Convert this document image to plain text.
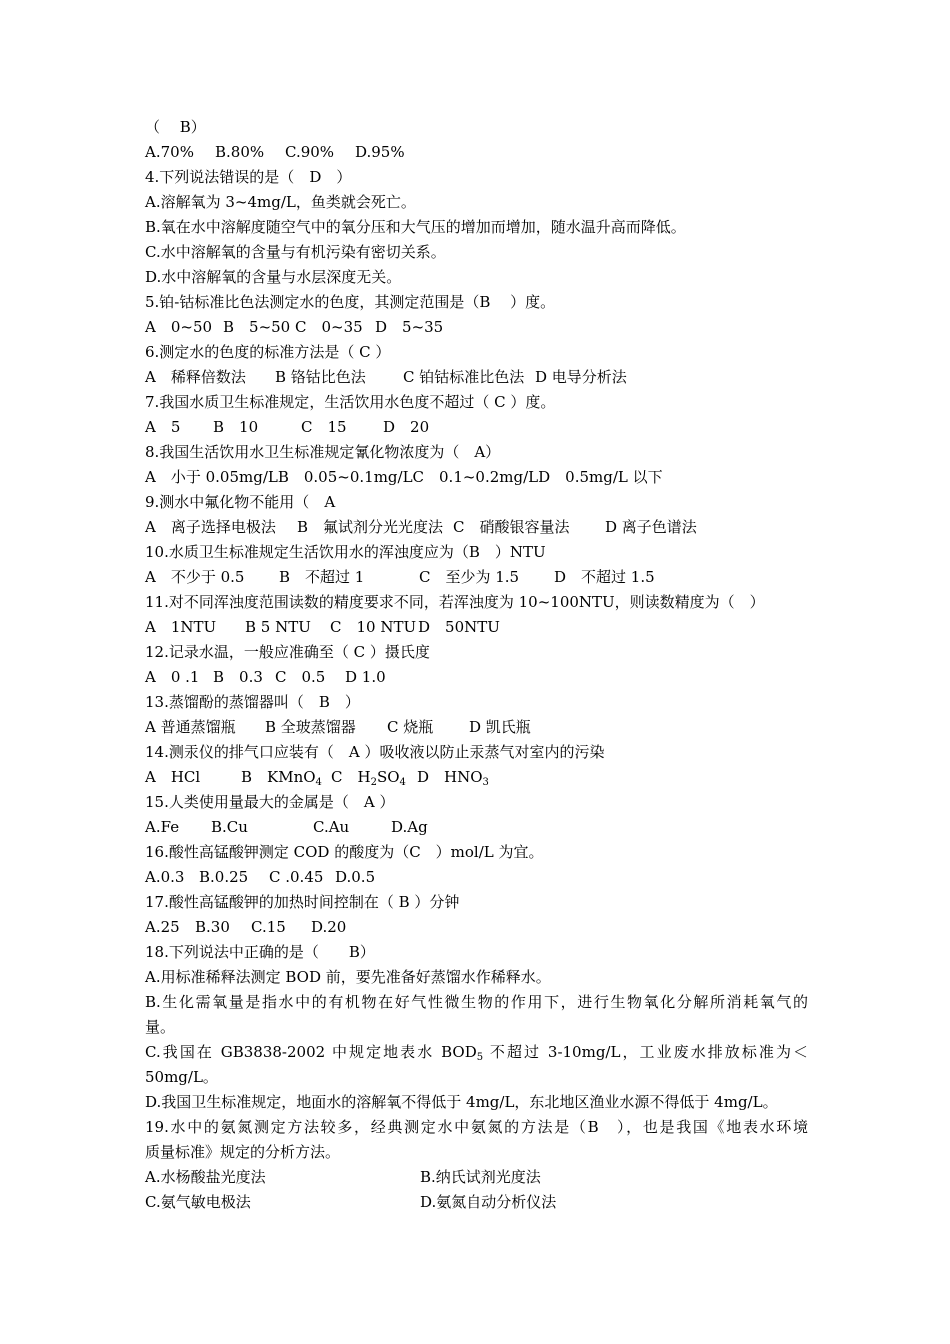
（　 B）
A.70% B.80% C.90% D.95%
4.下列说法错误的是（　D　）
A.溶解氧为 3~4mg/L，鱼类就会死亡。
B.氧在水中溶解度随空气中的氧分压和大气压的增加而增加，随水温升高而降低。
C.水中溶解氧的含量与有机污染有密切关系。
D.水中溶解氧的含量与水层深度无关。
5.铂-钴标准比色法测定水的色度，其测定范围是（B　 ）度。
A　0~50 B　5~50 C　0~35 D　5~35
6.测定水的色度的标准方法是（ C ）
A　稀释倍数法 B 铬钴比色法 C 铂钴标准比色法 D 电导分析法
7.我国水质卫生标准规定，生活饮用水色度不超过（ C ）度。
A　5 B　10	C　15 D　20
8.我国生活饮用水卫生标准规定氰化物浓度为（　A）
A　小于 0.05mg/LB　0.05~0.1mg/LC　0.1~0.2mg/LD　0.5mg/L 以下
9.测水中氟化物不能用（　A
A　离子选择电极法 B　氟试剂分光光度法 C　硝酸银容量法 D 离子色谱法
10.水质卫生标准规定生活饮用水的浑浊度应为（B　）NTU
A　不少于 0.5 B　不超过 1	C　至少为 1.5 D　不超过 1.5
11.对不同浑浊度范围读数的精度要求不同，若浑浊度为 10~100NTU，则读数精度为（　）
A　1NTU B 5 NTU C　10 NTU D　50NTU
12.记录水温，一般应准确至（ C ）摄氏度
A　0 .1 B　0.3 C　0.5 D 1.0
13.蒸馏酚的蒸馏器叫（　B　）
A 普通蒸馏瓶 B 全玻蒸馏器 C 烧瓶 D 凯氏瓶
14.测汞仪的排气口应装有（　A ）吸收液以防止汞蒸气对室内的污染
A　HCl	B　KMnO$_4$ C　$H_2SO_4$ D　$HNO_3$
15.人类使用量最大的金属是（　A ）
A.Fe B.Cu	C.Au	D.Ag
16.酸性高锰酸钾测定 COD 的酸度为（C　）mol/L 为宜。
A.0.3 B.0.25 C .0.45 D.0.5
17.酸性高锰酸钾的加热时间控制在（ B ）分钟
A.25 B.30 C.15 D.20
18.下列说法中正确的是（　　B）
A.用标准稀释法测定 BOD 前，要先准备好蒸馏水作稀释水。
B.生化需氧量是指水中的有机物在好气性微生物的作用下，进行生物氧化分解所消耗氧气的
量。
C.我国在 GB3838-2002 中规定地表水 $BOD_5$ 不超过 3-10mg/L，工业废水排放标准为＜
50mg/L。
D.我国卫生标准规定，地面水的溶解氧不得低于 4mg/L，东北地区渔业水源不得低于 4mg/L。
19.水中的氨氮测定方法较多，经典测定水中氨氮的方法是（B　），也是我国《地表水环境
质量标准》规定的分析方法。
A.水杨酸盐光度法	B.纳氏试剂光度法
C.氨气敏电极法	D.氨氮自动分析仪法
